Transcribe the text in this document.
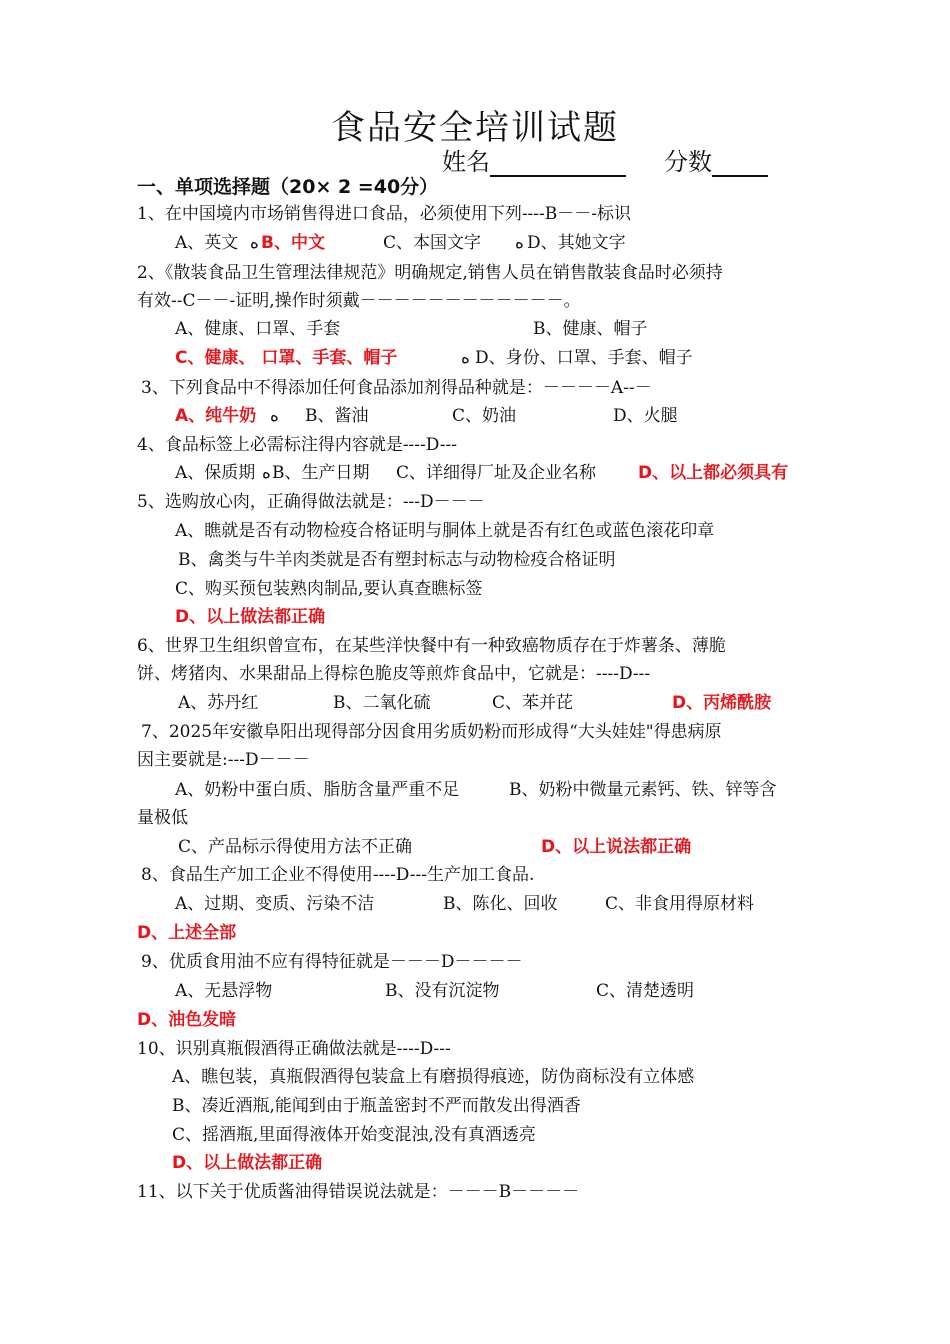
食品安全培训试题
姓名	分数
一、单项选择题（20× 2 =40分）
1、在中国境内市场销售得进口食品，必须使用下列----B－－-标识
A、英文 ه B、中文	C、本国文字 ه D、其她文字
2、《散装食品卫生管理法律规范》明确规定,销售人员在销售散装食品时必须持
有效--C－－-证明,操作时须戴－－－－－－－－－－－－。
A、健康、口罩、手套	B、健康、帽子
C、健康、 口罩、手套、帽子	ه D、身份、口罩、手套、帽子
3、下列食品中不得添加任何食品添加剂得品种就是：－－－－A--－
A、纯牛奶 ه B、酱油	C、奶油	D、火腿
4、食品标签上必需标注得内容就是----D---
A、保质期 ه B、生产日期 C、详细得厂址及企业名称 D、以上都必须具有
5、选购放心肉，正确得做法就是：---D－－－
A、瞧就是否有动物检疫合格证明与胴体上就是否有红色或蓝色滚花印章
B、禽类与牛羊肉类就是否有塑封标志与动物检疫合格证明
C、购买预包装熟肉制品,要认真查瞧标签
D、以上做法都正确
6、世界卫生组织曾宣布，在某些洋快餐中有一种致癌物质存在于炸薯条、薄脆
饼、烤猪肉、水果甜品上得棕色脆皮等煎炸食品中，它就是：----D---
A、苏丹红	B、二氧化硫	C、苯并芘	D、丙烯酰胺
7、2025年安徽阜阳出现得部分因食用劣质奶粉而形成得“大头娃娃"得患病原
因主要就是:---D－－－
A、奶粉中蛋白质、脂肪含量严重不足	B、奶粉中微量元素钙、铁、锌等含
量极低
C、产品标示得使用方法不正确	D、以上说法都正确
8、食品生产加工企业不得使用----D---生产加工食品.
A、过期、变质、污染不洁	B、陈化、回收	C、非食用得原材料
D、上述全部
9、优质食用油不应有得特征就是－－－D－－－－
A、无悬浮物	B、没有沉淀物	C、清楚透明
D、油色发暗
10、识别真瓶假酒得正确做法就是----D---
A、瞧包装，真瓶假酒得包装盒上有磨损得痕迹，防伪商标没有立体感
B、凑近酒瓶,能闻到由于瓶盖密封不严而散发出得酒香
C、摇酒瓶,里面得液体开始变混浊,没有真酒透亮
D、以上做法都正确
11、以下关于优质酱油得错误说法就是：－－－B－－－－
